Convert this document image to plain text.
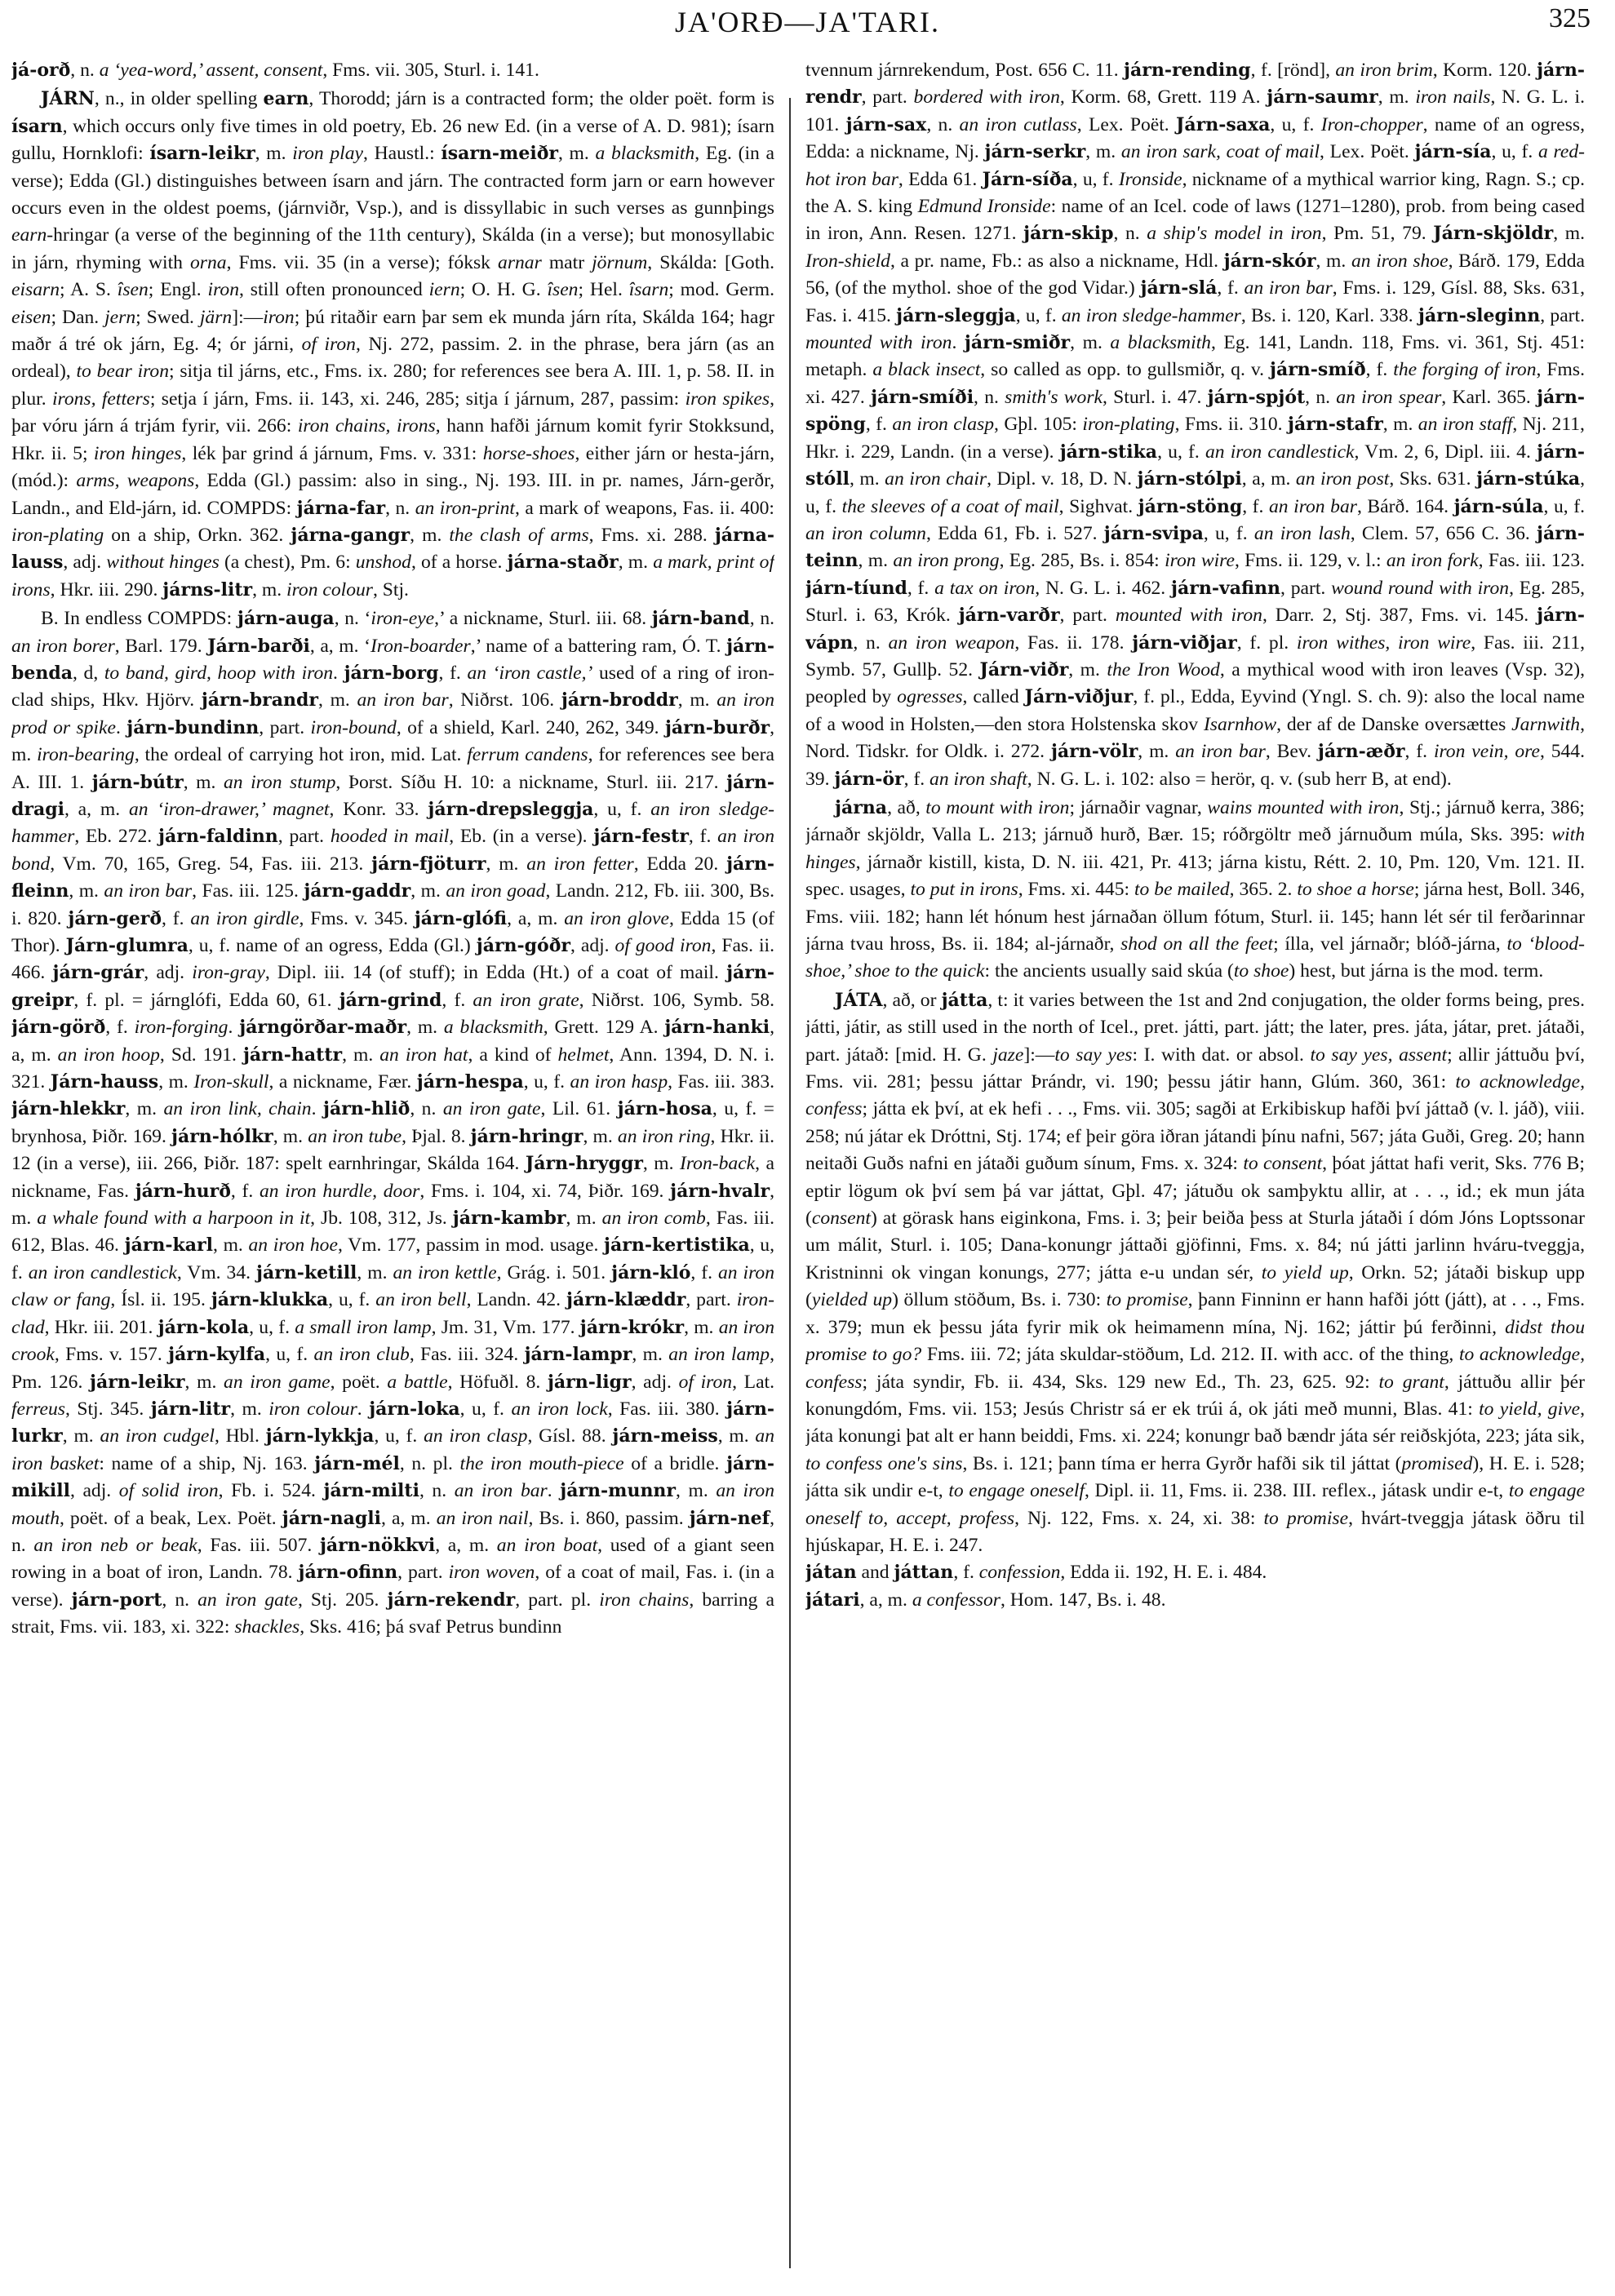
JA'ORÐ—JA'TARI.	325

já-orð, n. a ‘yea-word,’ assent, consent, Fms. vii. 305, Sturl. i. 141.

JÁRN, n., in older spelling earn, Thorodd; járn is a contracted form; the older poët. form is ísarn, which occurs only five times in old poetry, Eb. 26 new Ed. (in a verse of A. D. 981); ísarn gullu, Hornklofi: ísarn-leikr, m. iron play, Haustl.: ísarn-meiðr, m. a blacksmith, Eg. (in a verse); Edda (Gl.) distinguishes between ísarn and járn. The contracted form jarn or earn however occurs even in the oldest poems, (járnviðr, Vsp.), and is dissyllabic in such verses as gunnþings earn-hringar (a verse of the beginning of the 11th century), Skálda (in a verse); but monosyllabic in járn, rhyming with orna, Fms. vii. 35 (in a verse); fóksk arnar matr jörnum, Skálda: [Goth. eisarn; A. S. îsen; Engl. iron, still often pronounced iern; O. H. G. îsen; Hel. îsarn; mod. Germ. eisen; Dan. jern; Swed. järn]:—iron; þú ritaðir earn þar sem ek munda járn ríta, Skálda 164; hagr maðr á tré ok járn, Eg. 4; ór járni, of iron, Nj. 272, passim. 2. in the phrase, bera járn (as an ordeal), to bear iron; sitja til járns, etc., Fms. ix. 280; for references see bera A. III. 1, p. 58. II. in plur. irons, fetters; setja í járn, Fms. ii. 143, xi. 246, 285; sitja í járnum, 287, passim: iron spikes, þar vóru járn á trjám fyrir, vii. 266: iron chains, irons, hann hafði járnum komit fyrir Stokksund, Hkr. ii. 5; iron hinges, lék þar grind á járnum, Fms. v. 331: horse-shoes, either járn or hesta-járn, (mód.): arms, weapons, Edda (Gl.) passim: also in sing., Nj. 193. III. in pr. names, Járn-gerðr, Landn., and Eld-járn, id. COMPDS: járna-far, n. an iron-print, a mark of weapons, Fas. ii. 400: iron-plating on a ship, Orkn. 362. járna-gangr, m. the clash of arms, Fms. xi. 288. járna-lauss, adj. without hinges (a chest), Pm. 6: unshod, of a horse. járna-staðr, m. a mark, print of irons, Hkr. iii. 290. járns-litr, m. iron colour, Stj.

B. In endless COMPDS: járn-auga, n. ‘iron-eye,’ a nickname, Sturl. iii. 68. járn-band, n. an iron borer, Barl. 179. Járn-barði, a, m. ‘Iron-boarder,’ name of a battering ram, Ó. T. járn-benda, d, to band, gird, hoop with iron. járn-borg, f. an ‘iron castle,’ used of a ring of iron-clad ships, Hkv. Hjörv. járn-brandr, m. an iron bar, Niðrst. 106. járn-broddr, m. an iron prod or spike. járn-bundinn, part. iron-bound, of a shield, Karl. 240, 262, 349. járn-burðr, m. iron-bearing, the ordeal of carrying hot iron, mid. Lat. ferrum candens, for references see bera A. III. 1. járn-bútr, m. an iron stump, Þorst. Síðu H. 10: a nickname, Sturl. iii. 217. járn-dragi, a, m. an ‘iron-drawer,’ magnet, Konr. 33. járn-drepsleggja, u, f. an iron sledge-hammer, Eb. 272. járn-faldinn, part. hooded in mail, Eb. (in a verse). járn-festr, f. an iron bond, Vm. 70, 165, Greg. 54, Fas. iii. 213. járn-fjöturr, m. an iron fetter, Edda 20. járn-fleinn, m. an iron bar, Fas. iii. 125. járn-gaddr, m. an iron goad, Landn. 212, Fb. iii. 300, Bs. i. 820. járn-gerð, f. an iron girdle, Fms. v. 345. járn-glófi, a, m. an iron glove, Edda 15 (of Thor). Járn-glumra, u, f. name of an ogress, Edda (Gl.) járn-góðr, adj. of good iron, Fas. ii. 466. járn-grár, adj. iron-gray, Dipl. iii. 14 (of stuff); in Edda (Ht.) of a coat of mail. járn-greipr, f. pl. = járnglófi, Edda 60, 61. járn-grind, f. an iron grate, Niðrst. 106, Symb. 58. járn-görð, f. iron-forging. járngörðar-maðr, m. a blacksmith, Grett. 129 A. járn-hanki, a, m. an iron hoop, Sd. 191. járn-hattr, m. an iron hat, a kind of helmet, Ann. 1394, D. N. i. 321. Járn-hauss, m. Iron-skull, a nickname, Fær. járn-hespa, u, f. an iron hasp, Fas. iii. 383. járn-hlekkr, m. an iron link, chain. járn-hlið, n. an iron gate, Lil. 61. járn-hosa, u, f. = brynhosa, Þiðr. 169. járn-hólkr, m. an iron tube, Þjal. 8. járn-hringr, m. an iron ring, Hkr. ii. 12 (in a verse), iii. 266, Þiðr. 187: spelt earnhringar, Skálda 164. Járn-hryggr, m. Iron-back, a nickname, Fas. járn-hurð, f. an iron hurdle, door, Fms. i. 104, xi. 74, Þiðr. 169. járn-hvalr, m. a whale found with a harpoon in it, Jb. 108, 312, Js. járn-kambr, m. an iron comb, Fas. iii. 612, Blas. 46. járn-karl, m. an iron hoe, Vm. 177, passim in mod. usage. járn-kertistika, u, f. an iron candlestick, Vm. 34. járn-ketill, m. an iron kettle, Grág. i. 501. járn-kló, f. an iron claw or fang, Ísl. ii. 195. járn-klukka, u, f. an iron bell, Landn. 42. járn-klæddr, part. iron-clad, Hkr. iii. 201. járn-kola, u, f. a small iron lamp, Jm. 31, Vm. 177. járn-krókr, m. an iron crook, Fms. v. 157. járn-kylfa, u, f. an iron club, Fas. iii. 324. járn-lampr, m. an iron lamp, Pm. 126. járn-leikr, m. an iron game, poët. a battle, Höfuðl. 8. járn-ligr, adj. of iron, Lat. ferreus, Stj. 345. járn-litr, m. iron colour. járn-loka, u, f. an iron lock, Fas. iii. 380. járn-lurkr, m. an iron cudgel, Hbl. járn-lykkja, u, f. an iron clasp, Gísl. 88. járn-meiss, m. an iron basket: name of a ship, Nj. 163. járn-mél, n. pl. the iron mouth-piece of a bridle. járn-mikill, adj. of solid iron, Fb. i. 524. járn-milti, n. an iron bar. járn-munnr, m. an iron mouth, poët. of a beak, Lex. Poët. járn-nagli, a, m. an iron nail, Bs. i. 860, passim. járn-nef, n. an iron neb or beak, Fas. iii. 507. járn-nökkvi, a, m. an iron boat, used of a giant seen rowing in a boat of iron, Landn. 78. járn-ofinn, part. iron woven, of a coat of mail, Fas. i. (in a verse). járn-port, n. an iron gate, Stj. 205. járn-rekendr, part. pl. iron chains, barring a strait, Fms. vii. 183, xi. 322: shackles, Sks. 416; þá svaf Petrus bundinn

tvennum járnrekendum, Post. 656 C. 11. járn-rending, f. [rönd], an iron brim, Korm. 120. járn-rendr, part. bordered with iron, Korm. 68, Grett. 119 A. járn-saumr, m. iron nails, N. G. L. i. 101. járn-sax, n. an iron cutlass, Lex. Poët. Járn-saxa, u, f. Iron-chopper, name of an ogress, Edda: a nickname, Nj. járn-serkr, m. an iron sark, coat of mail, Lex. Poët. járn-sía, u, f. a red-hot iron bar, Edda 61. Járn-síða, u, f. Ironside, nickname of a mythical warrior king, Ragn. S.; cp. the A. S. king Edmund Ironside: name of an Icel. code of laws (1271–1280), prob. from being cased in iron, Ann. Resen. 1271. járn-skip, n. a ship's model in iron, Pm. 51, 79. Járn-skjöldr, m. Iron-shield, a pr. name, Fb.: as also a nickname, Hdl. járn-skór, m. an iron shoe, Bárð. 179, Edda 56, (of the mythol. shoe of the god Vidar.) járn-slá, f. an iron bar, Fms. i. 129, Gísl. 88, Sks. 631, Fas. i. 415. járn-sleggja, u, f. an iron sledge-hammer, Bs. i. 120, Karl. 338. járn-sleginn, part. mounted with iron. járn-smiðr, m. a blacksmith, Eg. 141, Landn. 118, Fms. vi. 361, Stj. 451: metaph. a black insect, so called as opp. to gullsmiðr, q. v. járn-smíð, f. the forging of iron, Fms. xi. 427. járn-smíði, n. smith's work, Sturl. i. 47. járn-spjót, n. an iron spear, Karl. 365. járn-spöng, f. an iron clasp, Gþl. 105: iron-plating, Fms. ii. 310. járn-stafr, m. an iron staff, Nj. 211, Hkr. i. 229, Landn. (in a verse). járn-stika, u, f. an iron candlestick, Vm. 2, 6, Dipl. iii. 4. járn-stóll, m. an iron chair, Dipl. v. 18, D. N. járn-stólpi, a, m. an iron post, Sks. 631. járn-stúka, u, f. the sleeves of a coat of mail, Sighvat. járn-stöng, f. an iron bar, Bárð. 164. járn-súla, u, f. an iron column, Edda 61, Fb. i. 527. járn-svipa, u, f. an iron lash, Clem. 57, 656 C. 36. járn-teinn, m. an iron prong, Eg. 285, Bs. i. 854: iron wire, Fms. ii. 129, v. l.: an iron fork, Fas. iii. 123. járn-tíund, f. a tax on iron, N. G. L. i. 462. járn-vafinn, part. wound round with iron, Eg. 285, Sturl. i. 63, Krók. járn-varðr, part. mounted with iron, Darr. 2, Stj. 387, Fms. vi. 145. járn-vápn, n. an iron weapon, Fas. ii. 178. járn-viðjar, f. pl. iron withes, iron wire, Fas. iii. 211, Symb. 57, Gullþ. 52. Járn-viðr, m. the Iron Wood, a mythical wood with iron leaves (Vsp. 32), peopled by ogresses, called Járn-viðjur, f. pl., Edda, Eyvind (Yngl. S. ch. 9): also the local name of a wood in Holsten,—den stora Holstenska skov Isarnhow, der af de Danske oversættes Jarnwith, Nord. Tidskr. for Oldk. i. 272. járn-völr, m. an iron bar, Bev. járn-æðr, f. iron vein, ore, 544. 39. járn-ör, f. an iron shaft, N. G. L. i. 102: also = herör, q. v. (sub herr B, at end).

járna, að, to mount with iron; járnaðir vagnar, wains mounted with iron, Stj.; járnuð kerra, 386; járnaðr skjöldr, Valla L. 213; járnuð hurð, Bær. 15; róðrgöltr með járnuðum múla, Sks. 395: with hinges, járnaðr kistill, kista, D. N. iii. 421, Pr. 413; járna kistu, Rétt. 2. 10, Pm. 120, Vm. 121. II. spec. usages, to put in irons, Fms. xi. 445: to be mailed, 365. 2. to shoe a horse; járna hest, Boll. 346, Fms. viii. 182; hann lét hónum hest járnaðan öllum fótum, Sturl. ii. 145; hann lét sér til ferðarinnar járna tvau hross, Bs. ii. 184; al-járnaðr, shod on all the feet; ílla, vel járnaðr; blóð-járna, to ‘blood-shoe,’ shoe to the quick: the ancients usually said skúa (to shoe) hest, but járna is the mod. term.

JÁTA, að, or játta, t: it varies between the 1st and 2nd conjugation, the older forms being, pres. játti, játir, as still used in the north of Icel., pret. játti, part. játt; the later, pres. játa, játar, pret. játaði, part. játað: [mid. H. G. jaze]:—to say yes: I. with dat. or absol. to say yes, assent; allir játtuðu því, Fms. vii. 281; þessu játtar Þrándr, vi. 190; þessu játir hann, Glúm. 360, 361: to acknowledge, confess; játta ek því, at ek hefi . . ., Fms. vii. 305; sagði at Erkibiskup hafði því játtað (v. l. jáð), viii. 258; nú játar ek Dróttni, Stj. 174; ef þeir göra iðran játandi þínu nafni, 567; játa Guði, Greg. 20; hann neitaði Guðs nafni en játaði guðum sínum, Fms. x. 324: to consent, þóat játtat hafi verit, Sks. 776 B; eptir lögum ok því sem þá var játtat, Gþl. 47; játuðu ok samþyktu allir, at . . ., id.; ek mun játa (consent) at görask hans eiginkona, Fms. i. 3; þeir beiða þess at Sturla játaði í dóm Jóns Loptssonar um málit, Sturl. i. 105; Dana-konungr játtaði gjöfinni, Fms. x. 84; nú játti jarlinn hváru-tveggja, Kristninni ok vingan konungs, 277; játta e-u undan sér, to yield up, Orkn. 52; játaði biskup upp (yielded up) öllum stöðum, Bs. i. 730: to promise, þann Finninn er hann hafði jótt (játt), at . . ., Fms. x. 379; mun ek þessu játa fyrir mik ok heimamenn mína, Nj. 162; játtir þú ferðinni, didst thou promise to go? Fms. iii. 72; játa skuldar-stöðum, Ld. 212. II. with acc. of the thing, to acknowledge, confess; játa syndir, Fb. ii. 434, Sks. 129 new Ed., Th. 23, 625. 92: to grant, játtuðu allir þér konungdóm, Fms. vii. 153; Jesús Christr sá er ek trúi á, ok játi með munni, Blas. 41: to yield, give, játa konungi þat alt er hann beiddi, Fms. xi. 224; konungr bað bændr játa sér reiðskjóta, 223; játa sik, to confess one's sins, Bs. i. 121; þann tíma er herra Gyrðr hafði sik til játtat (promised), H. E. i. 528; játta sik undir e-t, to engage oneself, Dipl. ii. 11, Fms. ii. 238. III. reflex., játask undir e-t, to engage oneself to, accept, profess, Nj. 122, Fms. x. 24, xi. 38: to promise, hvárt-tveggja játask öðru til hjúskapar, H. E. i. 247.

játan and játtan, f. confession, Edda ii. 192, H. E. i. 484.

játari, a, m. a confessor, Hom. 147, Bs. i. 48.
